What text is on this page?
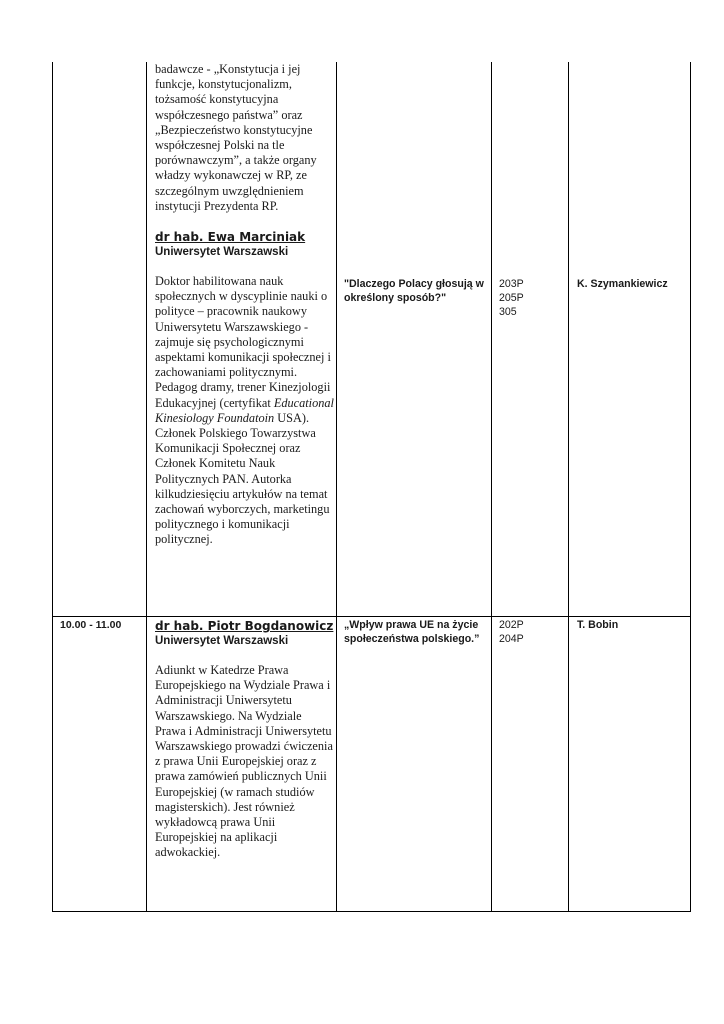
badawcze - „Konstytucja i jej funkcje, konstytucjonalizm, tożsamość konstytucyjna współczesnego państwa” oraz „Bezpieczeństwo konstytucyjne współczesnej Polski na tle porównawczym”, a także organy władzy wykonawczej w RP, ze szczególnym uwzględnieniem instytucji Prezydenta RP.

dr hab. Ewa Marciniak
Uniwersytet Warszawski

Doktor habilitowana nauk społecznych w dyscyplinie nauki o polityce – pracownik naukowy Uniwersytetu Warszawskiego - zajmuje się psychologicznymi aspektami komunikacji społecznej i zachowaniami politycznymi. Pedagog dramy, trener Kinezjologii Edukacyjnej (certyfikat Educational Kinesiology Foundatoin USA). Członek Polskiego Towarzystwa Komunikacji Społecznej oraz Członek Komitetu Nauk Politycznych PAN. Autorka kilkudziesięciu artykułów na temat zachowań wyborczych, marketingu politycznego i komunikacji politycznej.

"Dlaczego Polacy głosują w określony sposób?"
203P
205P
305
K. Szymankiewicz
10.00 - 11.00	dr hab. Piotr Bogdanowicz
Uniwersytet Warszawski

Adiunkt w Katedrze Prawa Europejskiego na Wydziale Prawa i Administracji Uniwersytetu Warszawskiego. Na Wydziale Prawa i Administracji Uniwersytetu Warszawskiego prowadzi ćwiczenia z prawa Unii Europejskiej oraz z prawa zamówień publicznych Unii Europejskiej (w ramach studiów magisterskich). Jest również wykładowcą prawa Unii Europejskiej na aplikacji adwokackiej.

„Wpływ prawa UE na życie społeczeństwa polskiego.”
202P
204P
T. Bobin
